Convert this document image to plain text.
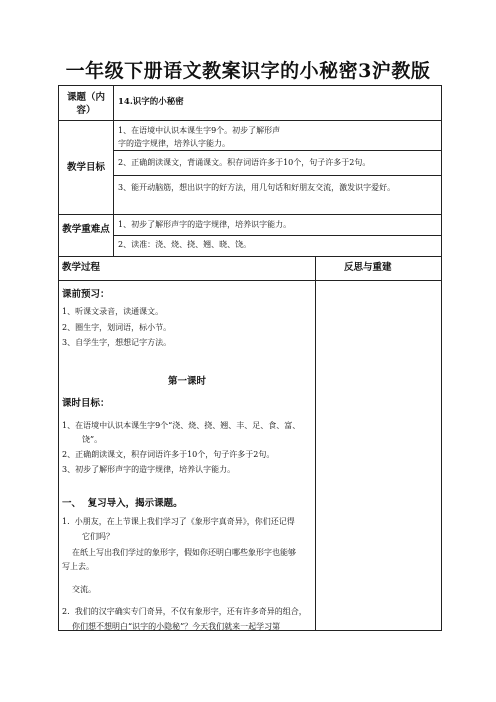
一年级下册语文教案识字的小秘密3沪教版
课题（内容）
14.识字的小秘密
教学目标
1、在语境中认识本课生字9个。初步了解形声字的造字规律，培养认字能力。
2、正确朗读课文，背诵课文。积存词语许多于10个，句子许多于2句。
3、能开动脑筋，想出识字的好方法，用几句话和好朋友交流，激发识字爱好。
教学重难点 1、初步了解形声字的造字规律，培养识字能力。
2、读准：浇、烧、挠、翘、晓、饶。
教学过程	反思与重建
课前预习：
1、听课文录音，读通课文。
2、圈生字，划词语，标小节。
3、自学生字，想想记字方法。
第一课时
课时目标：
1、在语境中认识本课生字9个“浇、烧、挠、翘、丰、足、食、富、
饶”。
2、正确朗读课文，积存词语许多于10个，句子许多于2句。
3、初步了解形声字的造字规律，培养认字能力。
一、  复习导入，揭示课题。
1.  小朋友，在上节课上我们学习了《象形字真奇异》，你们还记得
它们吗？
在纸上写出我们学过的象形字，假如你还明白哪些象形字也能够
写上去。
交流。
2.  我们的汉字确实专门奇异，不仅有象形字，还有许多奇异的组合，
你们想不想明白“识字的小隐秘”？今天我们就来一起学习第
